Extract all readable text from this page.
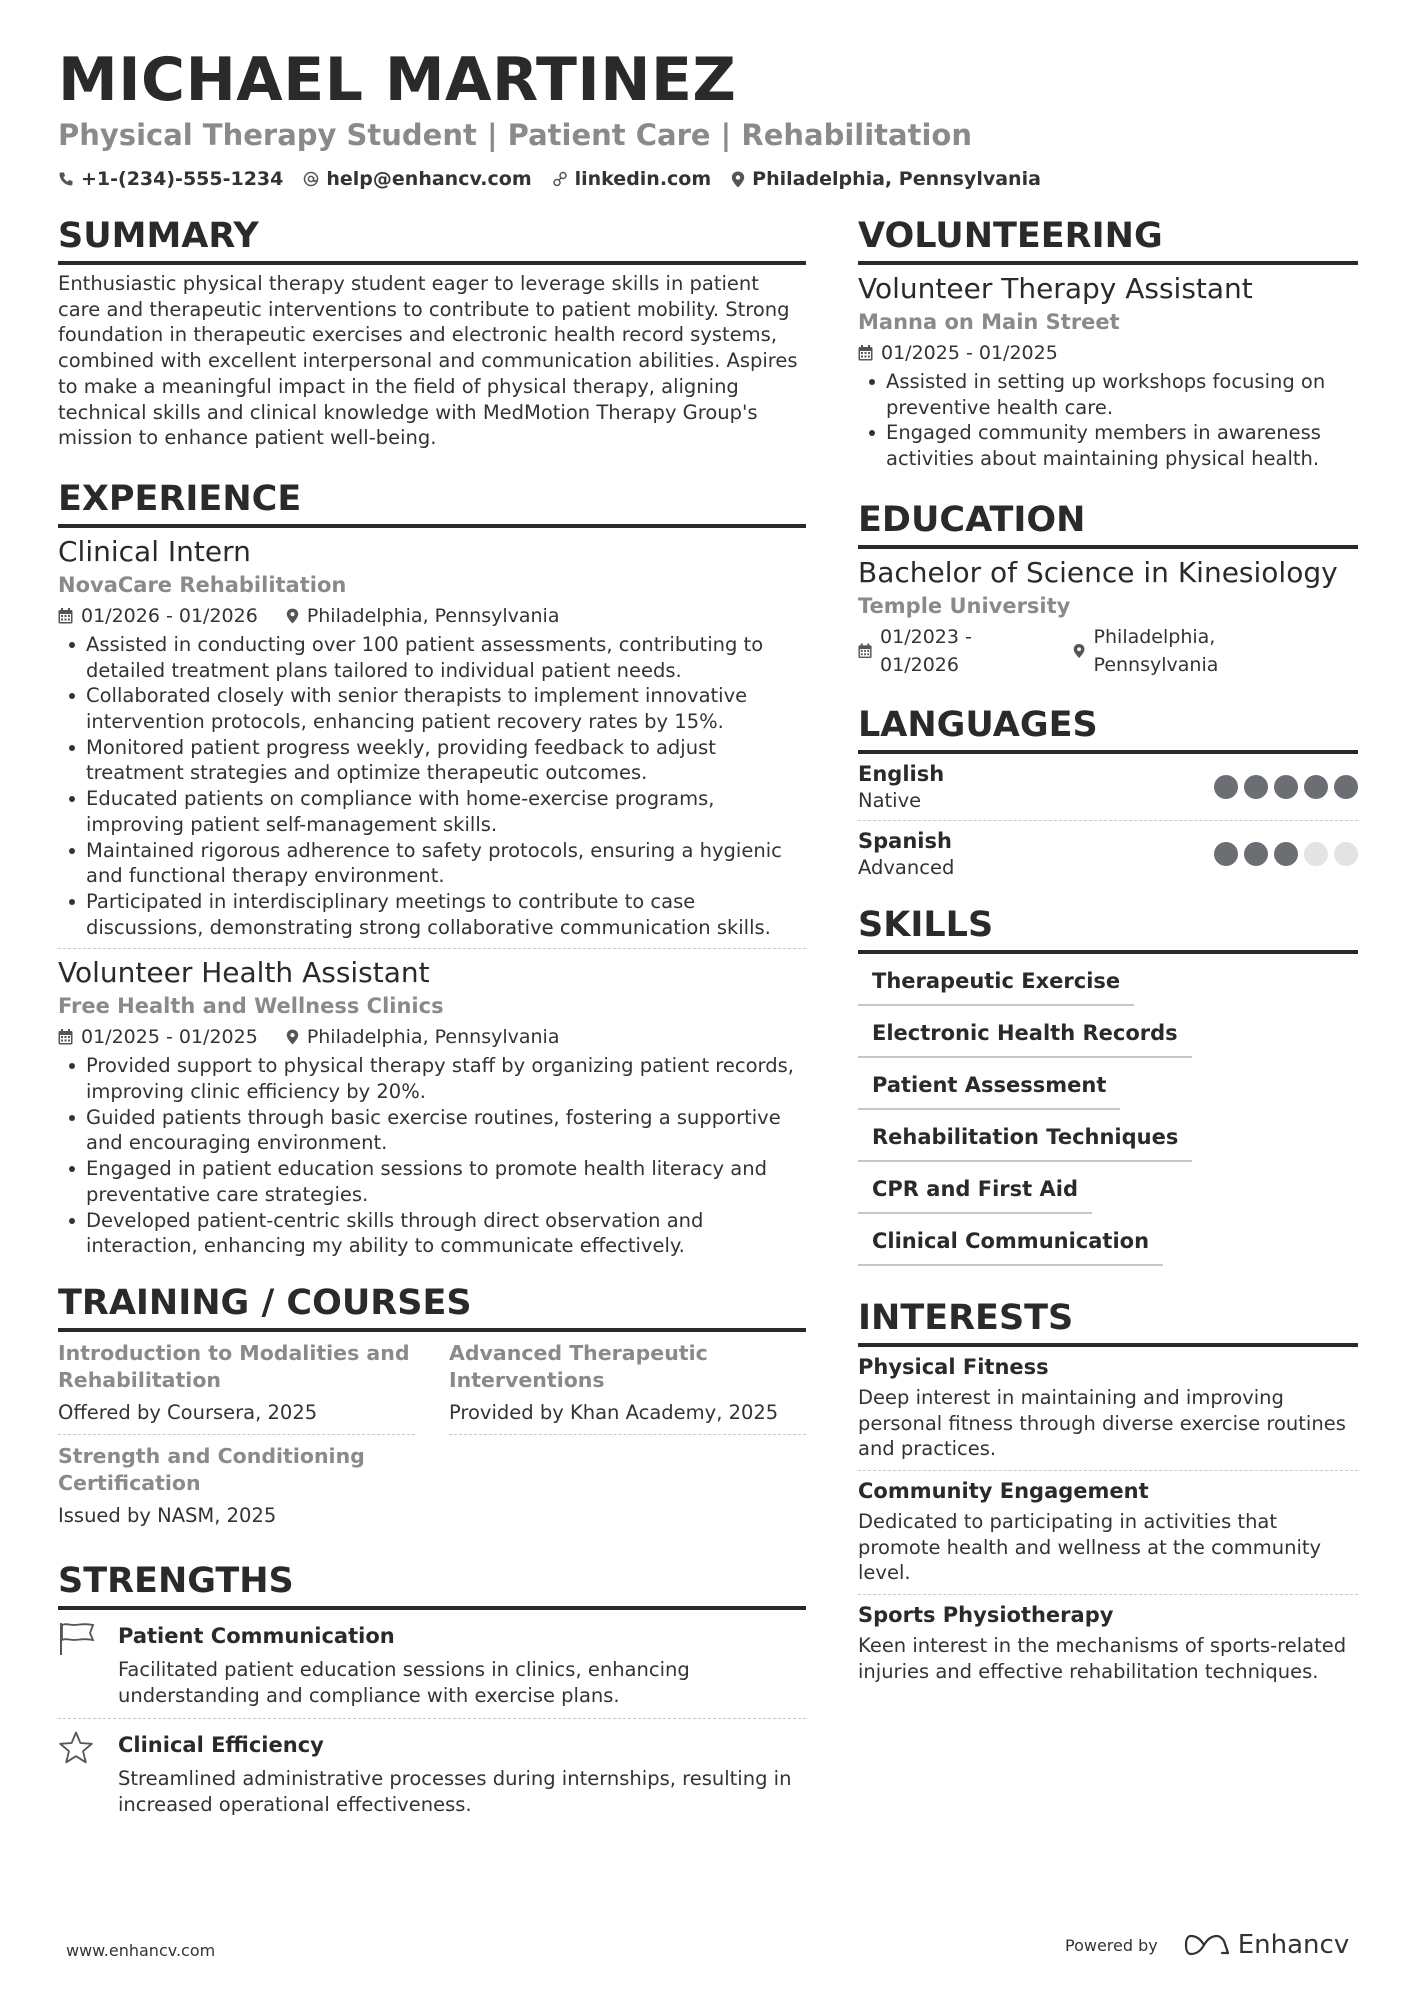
MICHAEL MARTINEZ
Physical Therapy Student | Patient Care | Rehabilitation
+1-(234)-555-1234 help@enhancv.com linkedin.com Philadelphia, Pennsylvania
SUMMARY
Enthusiastic physical therapy student eager to leverage skills in patient care and therapeutic interventions to contribute to patient mobility. Strong foundation in therapeutic exercises and electronic health record systems, combined with excellent interpersonal and communication abilities. Aspires to make a meaningful impact in the field of physical therapy, aligning technical skills and clinical knowledge with MedMotion Therapy Group's mission to enhance patient well-being.
EXPERIENCE
Clinical Intern
NovaCare Rehabilitation
01/2026 - 01/2026	Philadelphia, Pennsylvania
Assisted in conducting over 100 patient assessments, contributing to detailed treatment plans tailored to individual patient needs.
Collaborated closely with senior therapists to implement innovative intervention protocols, enhancing patient recovery rates by 15%.
Monitored patient progress weekly, providing feedback to adjust treatment strategies and optimize therapeutic outcomes.
Educated patients on compliance with home-exercise programs, improving patient self-management skills.
Maintained rigorous adherence to safety protocols, ensuring a hygienic and functional therapy environment.
Participated in interdisciplinary meetings to contribute to case discussions, demonstrating strong collaborative communication skills.
Volunteer Health Assistant
Free Health and Wellness Clinics
01/2025 - 01/2025	Philadelphia, Pennsylvania
Provided support to physical therapy staff by organizing patient records, improving clinic efficiency by 20%.
Guided patients through basic exercise routines, fostering a supportive and encouraging environment.
Engaged in patient education sessions to promote health literacy and preventative care strategies.
Developed patient-centric skills through direct observation and interaction, enhancing my ability to communicate effectively.
TRAINING / COURSES
Introduction to Modalities and Rehabilitation
Offered by Coursera, 2025
Advanced Therapeutic Interventions
Provided by Khan Academy, 2025
Strength and Conditioning Certification
Issued by NASM, 2025
STRENGTHS
Patient Communication
Facilitated patient education sessions in clinics, enhancing understanding and compliance with exercise plans.
Clinical Efficiency
Streamlined administrative processes during internships, resulting in increased operational effectiveness.
VOLUNTEERING
Volunteer Therapy Assistant
Manna on Main Street
01/2025 - 01/2025
Assisted in setting up workshops focusing on preventive health care.
Engaged community members in awareness activities about maintaining physical health.
EDUCATION
Bachelor of Science in Kinesiology
Temple University
01/2023 - 01/2026
Philadelphia, Pennsylvania
LANGUAGES
English
Native
Spanish
Advanced
SKILLS
Therapeutic Exercise
Electronic Health Records
Patient Assessment
Rehabilitation Techniques
CPR and First Aid
Clinical Communication
INTERESTS
Physical Fitness
Deep interest in maintaining and improving personal fitness through diverse exercise routines and practices.
Community Engagement
Dedicated to participating in activities that promote health and wellness at the community level.
Sports Physiotherapy
Keen interest in the mechanisms of sports-related injuries and effective rehabilitation techniques.
www.enhancv.com	Powered by	Enhancv
